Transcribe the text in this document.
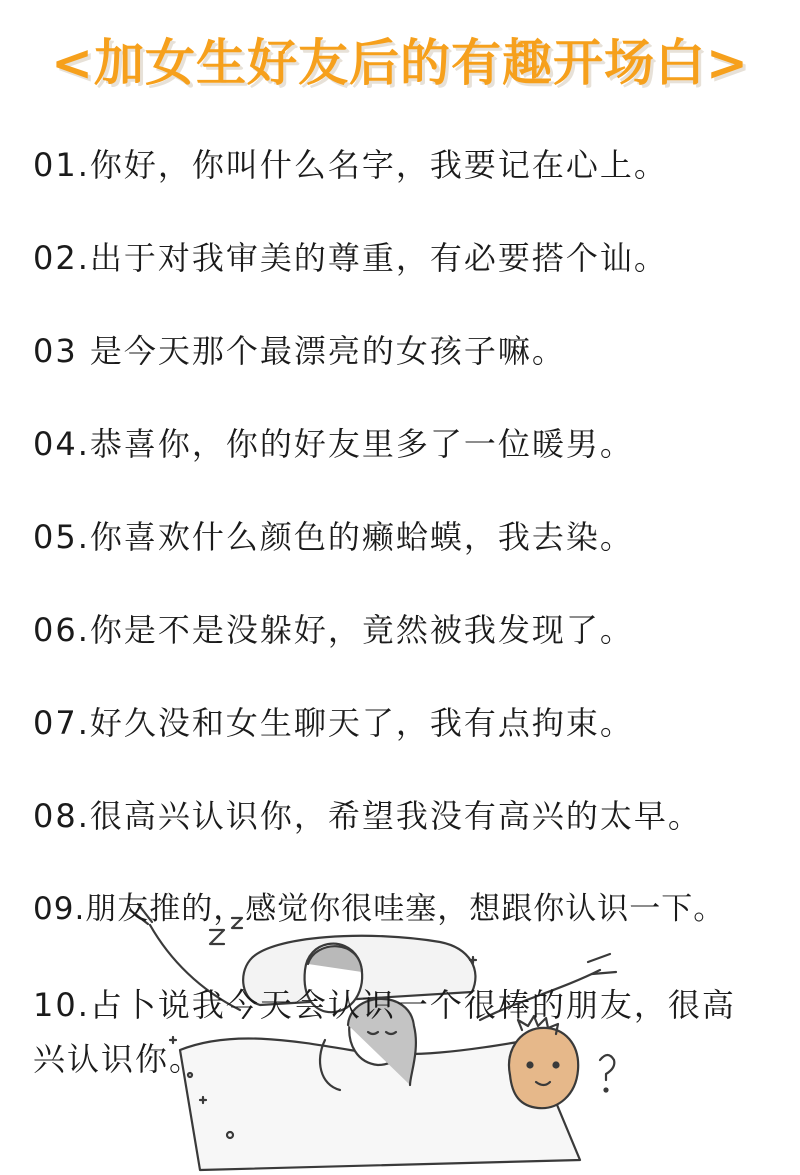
<加女生好友后的有趣开场白>
01.你好，你叫什么名字，我要记在心上。
02.出于对我审美的尊重，有必要搭个讪。
03 是今天那个最漂亮的女孩子嘛。
04.恭喜你，你的好友里多了一位暖男。
05.你喜欢什么颜色的癞蛤蟆，我去染。
06.你是不是没躲好，竟然被我发现了。
07.好久没和女生聊天了，我有点拘束。
08.很高兴认识你，希望我没有高兴的太早。
09.朋友推的，感觉你很哇塞，想跟你认识一下。
10.占卜说我今天会认识一个很棒的朋友，很高兴认识你。
